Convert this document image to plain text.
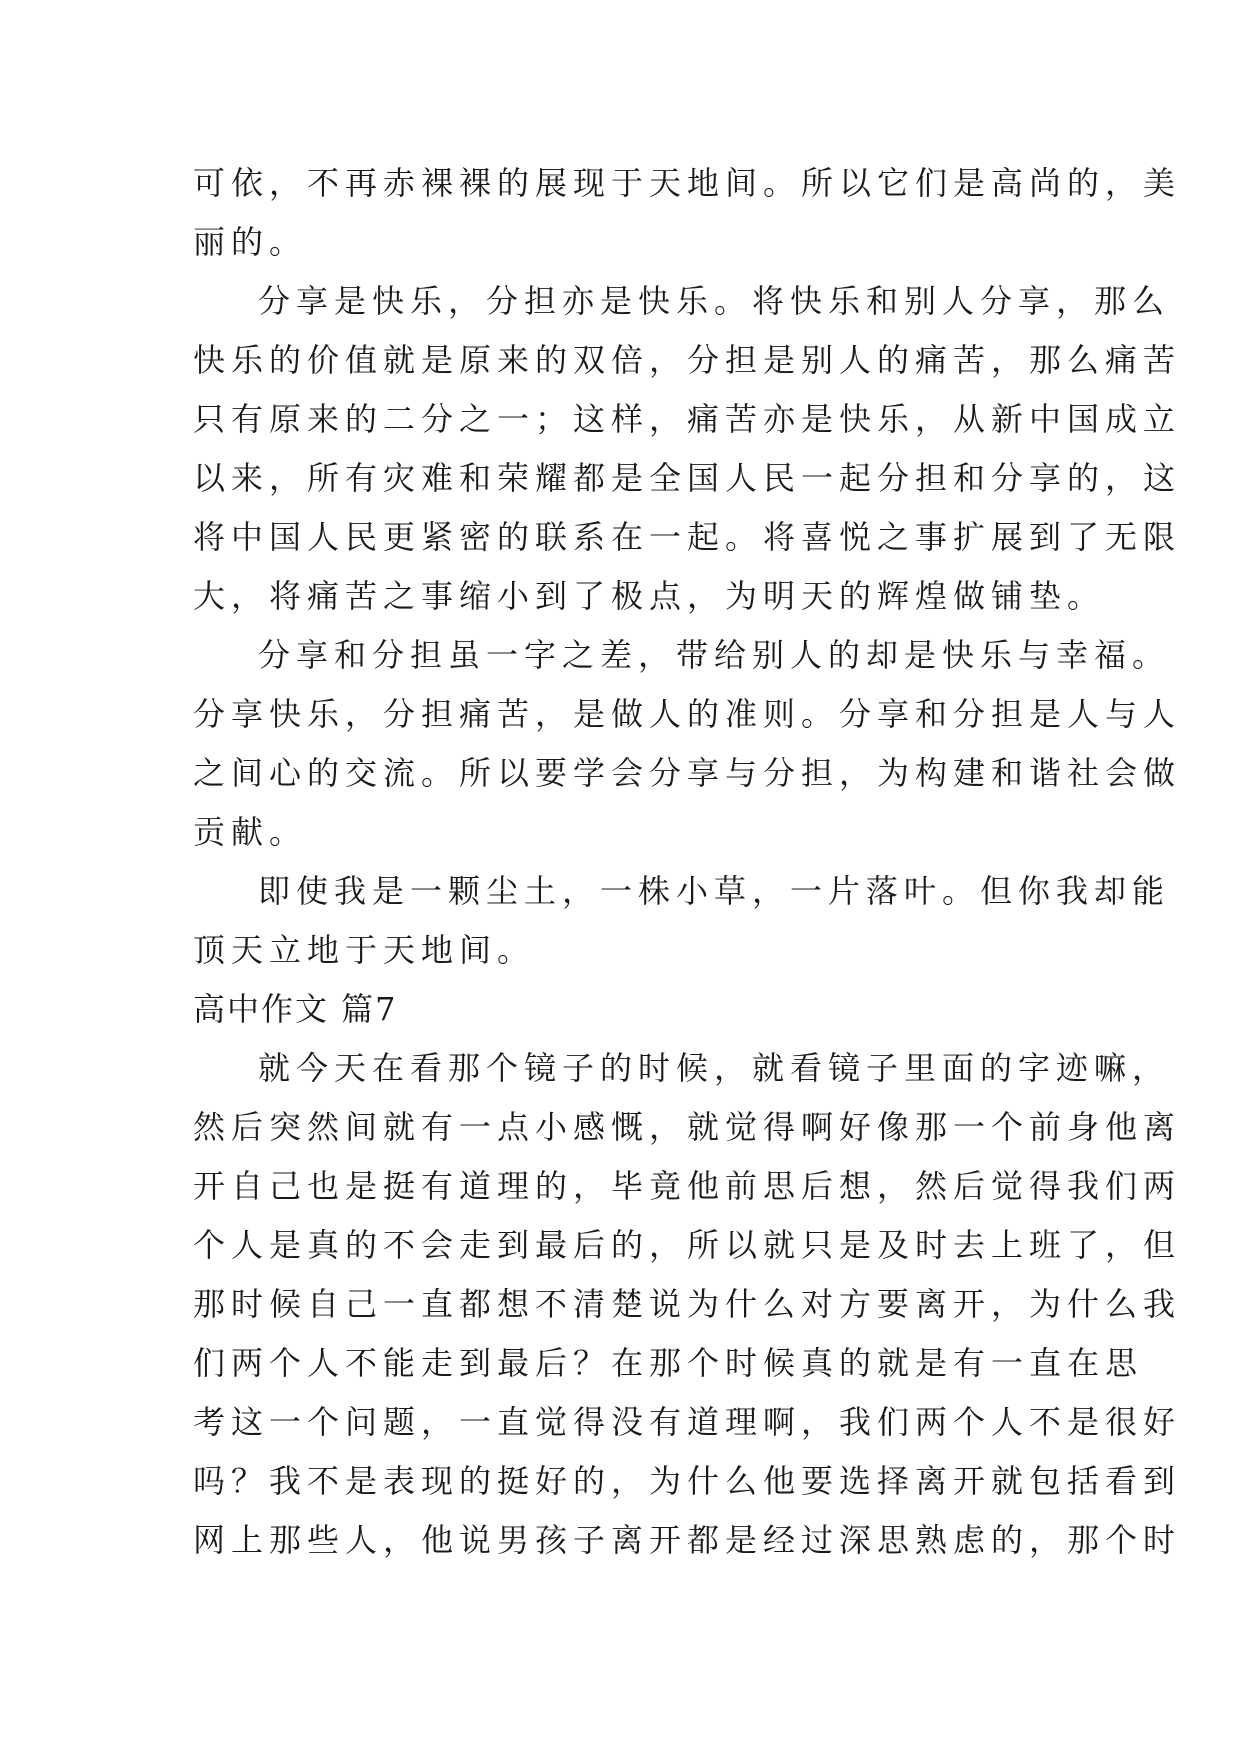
可依，不再赤裸裸的展现于天地间。所以它们是高尚的，美
丽的。
分享是快乐，分担亦是快乐。将快乐和别人分享，那么
快乐的价值就是原来的双倍，分担是别人的痛苦，那么痛苦
只有原来的二分之一；这样，痛苦亦是快乐，从新中国成立
以来，所有灾难和荣耀都是全国人民一起分担和分享的，这
将中国人民更紧密的联系在一起。将喜悦之事扩展到了无限
大，将痛苦之事缩小到了极点，为明天的辉煌做铺垫。
分享和分担虽一字之差，带给别人的却是快乐与幸福。
分享快乐，分担痛苦，是做人的准则。分享和分担是人与人
之间心的交流。所以要学会分享与分担，为构建和谐社会做
贡献。
即使我是一颗尘土，一株小草，一片落叶。但你我却能
顶天立地于天地间。
高中作文 篇7
就今天在看那个镜子的时候，就看镜子里面的字迹嘛，
然后突然间就有一点小感慨，就觉得啊好像那一个前身他离
开自己也是挺有道理的，毕竟他前思后想，然后觉得我们两
个人是真的不会走到最后的，所以就只是及时去上班了，但
那时候自己一直都想不清楚说为什么对方要离开，为什么我
们两个人不能走到最后？在那个时候真的就是有一直在思
考这一个问题，一直觉得没有道理啊，我们两个人不是很好
吗？我不是表现的挺好的，为什么他要选择离开就包括看到
网上那些人，他说男孩子离开都是经过深思熟虑的，那个时
